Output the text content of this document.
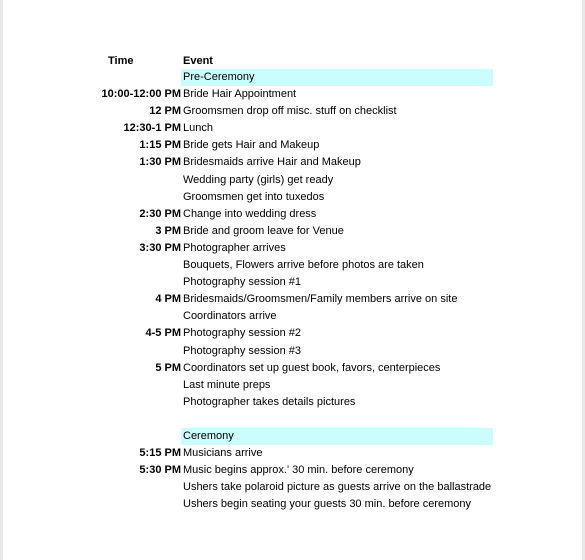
Time	Event
Pre-Ceremony
10:00-12:00 PM Bride Hair Appointment
12 PM Groomsmen drop off misc. stuff on checklist
12:30-1 PM Lunch
1:15 PM Bride gets Hair and Makeup
1:30 PM Bridesmaids arrive Hair and Makeup
Wedding party (girls) get ready
Groomsmen get into tuxedos
2:30 PM Change into wedding dress
3 PM Bride and groom leave for Venue
3:30 PM Photographer arrives
Bouquets, Flowers arrive before photos are taken
Photography session #1
4 PM Bridesmaids/Groomsmen/Family members arrive on site
Coordinators arrive
4-5 PM Photography session #2
Photography session #3
5 PM Coordinators set up guest book, favors, centerpieces
Last minute preps
Photographer takes details pictures
Ceremony
5:15 PM Musicians arrive
5:30 PM Music begins approx.' 30 min. before ceremony
Ushers take polaroid picture as guests arrive on the ballastrade
Ushers begin seating your guests 30 min. before ceremony
